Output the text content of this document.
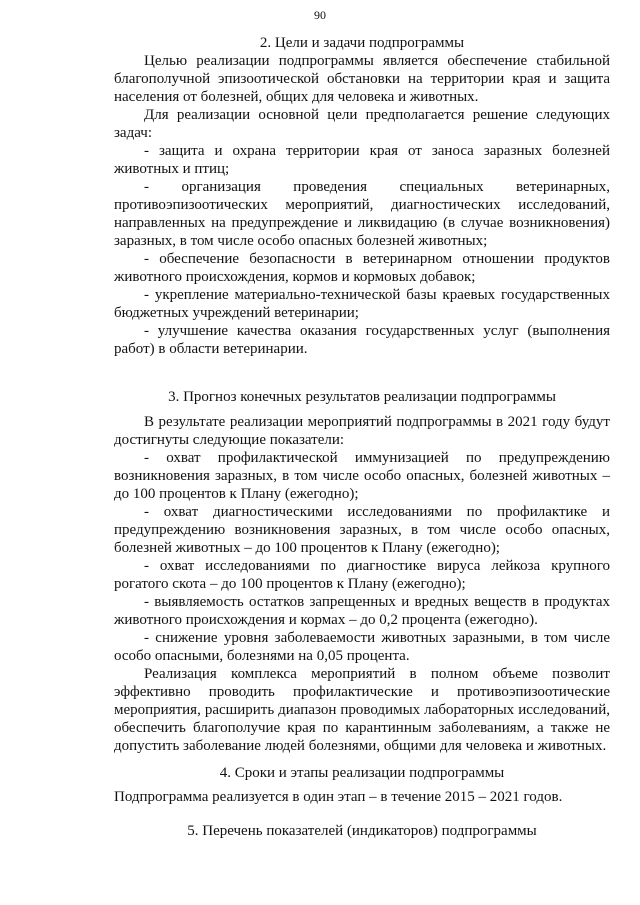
90
2. Цели и задачи подпрограммы

Целью реализации подпрограммы является обеспечение стабильной благополучной эпизоотической обстановки на территории края и защита населения от болезней, общих для человека и животных.

Для реализации основной цели предполагается решение следующих задач:

- защита и охрана территории края от заноса заразных болезней животных и птиц;

- организация проведения специальных ветеринарных, противоэпизоотических мероприятий, диагностических исследований, направленных на предупреждение и ликвидацию (в случае возникновения) заразных, в том числе особо опасных болезней животных;

- обеспечение безопасности в ветеринарном отношении продуктов животного происхождения, кормов и кормовых добавок;

- укрепление материально-технической базы краевых государственных бюджетных учреждений ветеринарии;

- улучшение качества оказания государственных услуг (выполнения работ) в области ветеринарии.

3. Прогноз конечных результатов реализации подпрограммы

В результате реализации мероприятий подпрограммы в 2021 году будут достигнуты следующие показатели:

- охват профилактической иммунизацией по предупреждению возникновения заразных, в том числе особо опасных, болезней животных – до 100 процентов к Плану (ежегодно);

- охват диагностическими исследованиями по профилактике и предупреждению возникновения заразных, в том числе особо опасных, болезней животных – до 100 процентов к Плану (ежегодно);

- охват исследованиями по диагностике вируса лейкоза крупного рогатого скота – до 100 процентов к Плану (ежегодно);

- выявляемость остатков запрещенных и вредных веществ в продуктах животного происхождения и кормах – до 0,2 процента (ежегодно).

- снижение уровня заболеваемости животных заразными, в том числе особо опасными, болезнями на 0,05 процента.

Реализация комплекса мероприятий в полном объеме позволит эффективно проводить профилактические и противоэпизоотические мероприятия, расширить диапазон проводимых лабораторных исследований, обеспечить благополучие края по карантинным заболеваниям, а также не допустить заболевание людей болезнями, общими для человека и животных.

4. Сроки и этапы реализации подпрограммы

Подпрограмма реализуется в один этап – в течение 2015 – 2021 годов.

5. Перечень показателей (индикаторов) подпрограммы
